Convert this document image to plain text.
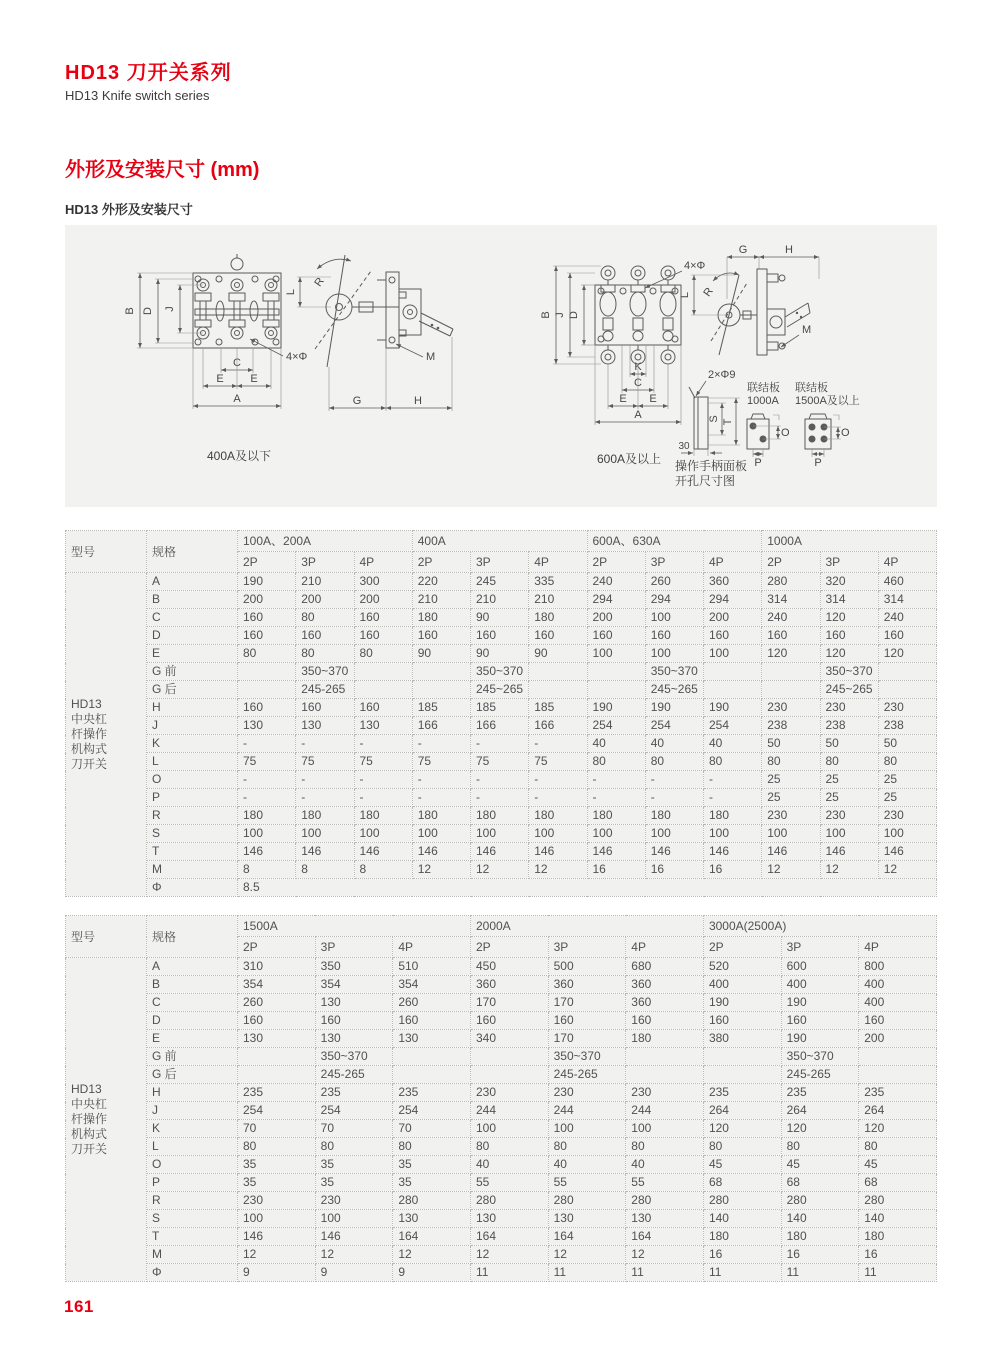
HD13 刀开关系列
HD13 Knife switch series
外形及安装尺寸 (mm)
HD13 外形及安装尺寸
B D J
C
E E
A
4×Φ
L
R
M
G	H
400A及以下
B J D
K
C
E E
A
4×Φ
G	H
R
L
M
2×Φ9
S T
30
操作手柄面板
开孔尺寸图
联结板
1000A
O
P
联结板
1500A及以上
O
P
600A及以上
型号	规格	100A、200A			400A			600A、630A			1000A		
		2P	3P	4P	2P	3P	4P	2P	3P	4P	2P	3P	4P

HD13
中央杠
杆操作
机构式
刀开关	A	190	210	300	220	245	335	240	260	360	280	320	460
	B	200	200	200	210	210	210	294	294	294	314	314	314
	C	160	80	160	180	90	180	200	100	200	240	120	240
	D	160	160	160	160	160	160	160	160	160	160	160	160
	E	80	80	80	90	90	90	100	100	100	120	120	120
	G 前		350~370			350~370			350~370			350~370	
	G 后		245-265			245~265			245~265			245~265	
	H	160	160	160	185	185	185	190	190	190	230	230	230
	J	130	130	130	166	166	166	254	254	254	238	238	238
	K	-	-	-	-	-	-	40	40	40	50	50	50
	L	75	75	75	75	75	75	80	80	80	80	80	80
	O	-	-	-	-	-	-	-	-	-	25	25	25
	P	-	-	-	-	-	-	-	-	-	25	25	25
	R	180	180	180	180	180	180	180	180	180	230	230	230
	S	100	100	100	100	100	100	100	100	100	100	100	100
	T	146	146	146	146	146	146	146	146	146	146	146	146
	M	8	8	8	12	12	12	16	16	16	12	12	12
	Φ	8.5											
型号	规格	1500A			2000A			3000A(2500A)		
		2P	3P	4P	2P	3P	4P	2P	3P	4P

HD13
中央杠
杆操作
机构式
刀开关	A	310	350	510	450	500	680	520	600	800
	B	354	354	354	360	360	360	400	400	400
	C	260	130	260	170	170	360	190	190	400
	D	160	160	160	160	160	160	160	160	160
	E	130	130	130	340	170	180	380	190	200
	G 前		350~370			350~370			350~370	
	G 后		245-265			245-265			245-265	
	H	235	235	235	230	230	230	235	235	235
	J	254	254	254	244	244	244	264	264	264
	K	70	70	70	100	100	100	120	120	120
	L	80	80	80	80	80	80	80	80	80
	O	35	35	35	40	40	40	45	45	45
	P	35	35	35	55	55	55	68	68	68
	R	230	230	280	280	280	280	280	280	280
	S	100	100	130	130	130	130	140	140	140
	T	146	146	164	164	164	164	180	180	180
	M	12	12	12	12	12	12	16	16	16
	Φ	9	9	9	11	11	11	11	11	11
161
